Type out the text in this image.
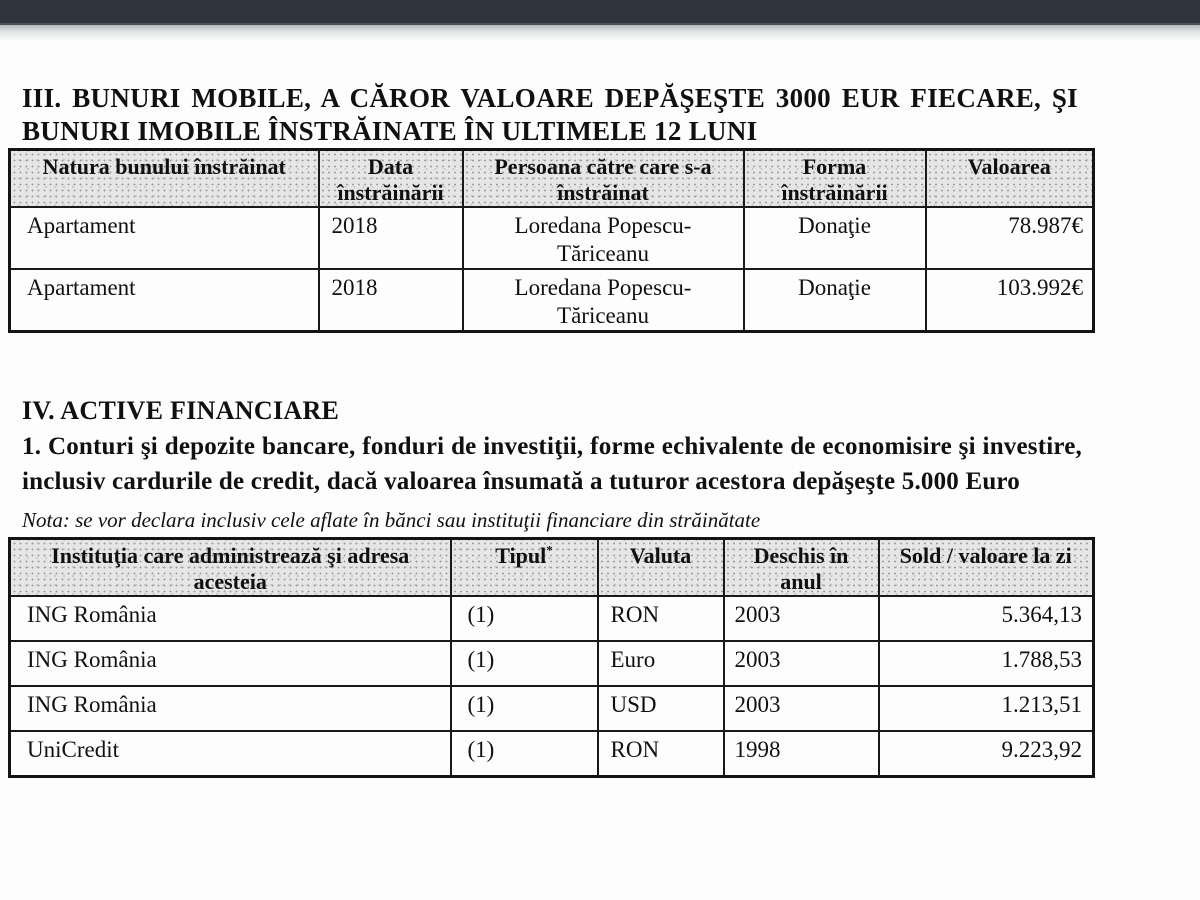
III. BUNURI MOBILE, A CĂROR VALOARE DEPĂŞEŞTE 3000 EUR FIECARE, ŞI
BUNURI IMOBILE ÎNSTRĂINATE ÎN ULTIMELE 12 LUNI
Natura bunului înstrăinat	Data înstrăinării	Persoana către care s-a înstrăinat	Forma înstrăinării	Valoarea
Apartament	2018	Loredana Popescu-Tăriceanu	Donaţie	78.987€
Apartament	2018	Loredana Popescu-Tăriceanu	Donaţie	103.992€
IV. ACTIVE FINANCIARE
1. Conturi şi depozite bancare, fonduri de investiţii, forme echivalente de economisire şi investire, inclusiv cardurile de credit, dacă valoarea însumată a tuturor acestora depăşeşte 5.000 Euro
Nota: se vor declara inclusiv cele aflate în bănci sau instituţii financiare din străinătate
Instituţia care administrează şi adresa acesteia	Tipul*	Valuta	Deschis în anul	Sold / valoare la zi
ING România	(1)	RON	2003	5.364,13
ING România	(1)	Euro	2003	1.788,53
ING România	(1)	USD	2003	1.213,51
UniCredit	(1)	RON	1998	9.223,92
